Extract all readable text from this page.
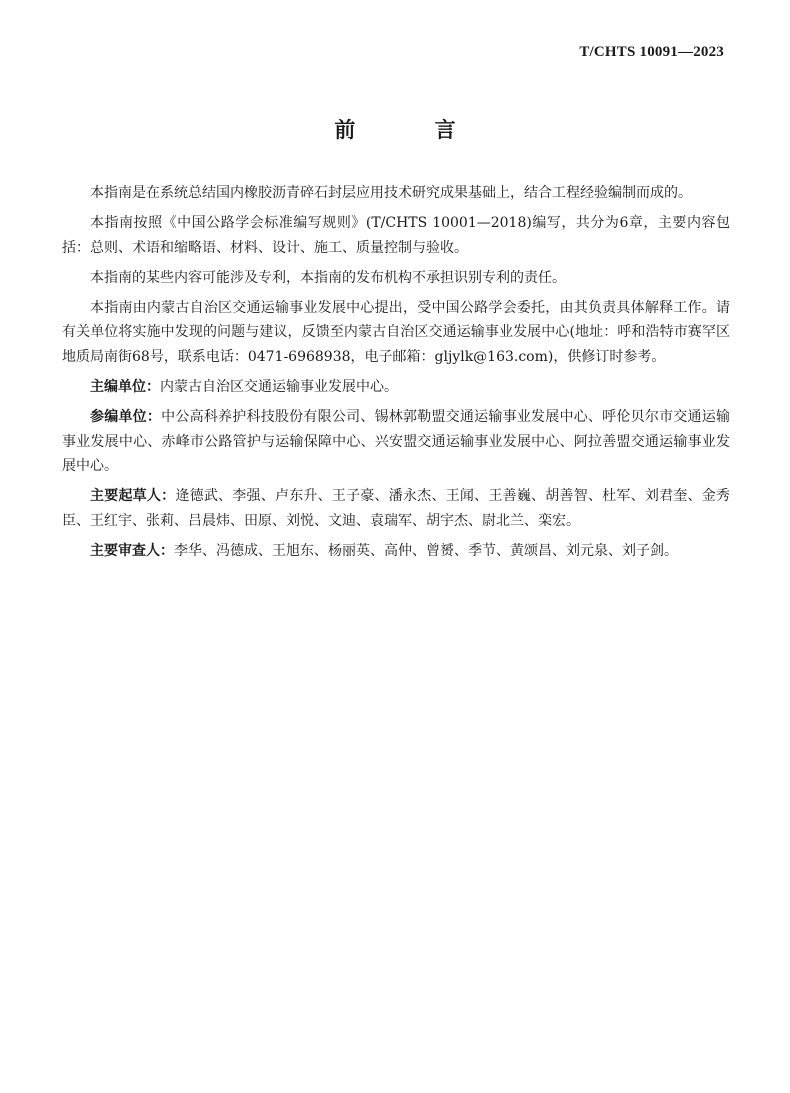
T/CHTS 10091—2023
前 言

本指南是在系统总结国内橡胶沥青碎石封层应用技术研究成果基础上，结合工程经验编制而成的。

本指南按照《中国公路学会标准编写规则》(T/CHTS 10001—2018)编写，共分为6章，主要内容包括：总则、术语和缩略语、材料、设计、施工、质量控制与验收。

本指南的某些内容可能涉及专利，本指南的发布机构不承担识别专利的责任。

本指南由内蒙古自治区交通运输事业发展中心提出，受中国公路学会委托，由其负责具体解释工作。请有关单位将实施中发现的问题与建议，反馈至内蒙古自治区交通运输事业发展中心(地址：呼和浩特市赛罕区地质局南街68号，联系电话：0471-6968938，电子邮箱：gljylk@163.com)，供修订时参考。

主编单位：内蒙古自治区交通运输事业发展中心。

参编单位：中公高科养护科技股份有限公司、锡林郭勒盟交通运输事业发展中心、呼伦贝尔市交通运输事业发展中心、赤峰市公路管护与运输保障中心、兴安盟交通运输事业发展中心、阿拉善盟交通运输事业发展中心。

主要起草人：逄德武、李强、卢东升、王子豪、潘永杰、王闻、王善巍、胡善智、杜军、刘君奎、金秀臣、王红宇、张莉、吕晨炜、田原、刘悦、文迪、袁瑞军、胡宇杰、尉北兰、栾宏。

主要审查人：李华、冯德成、王旭东、杨丽英、高仲、曾赟、季节、黄颂昌、刘元泉、刘子剑。
